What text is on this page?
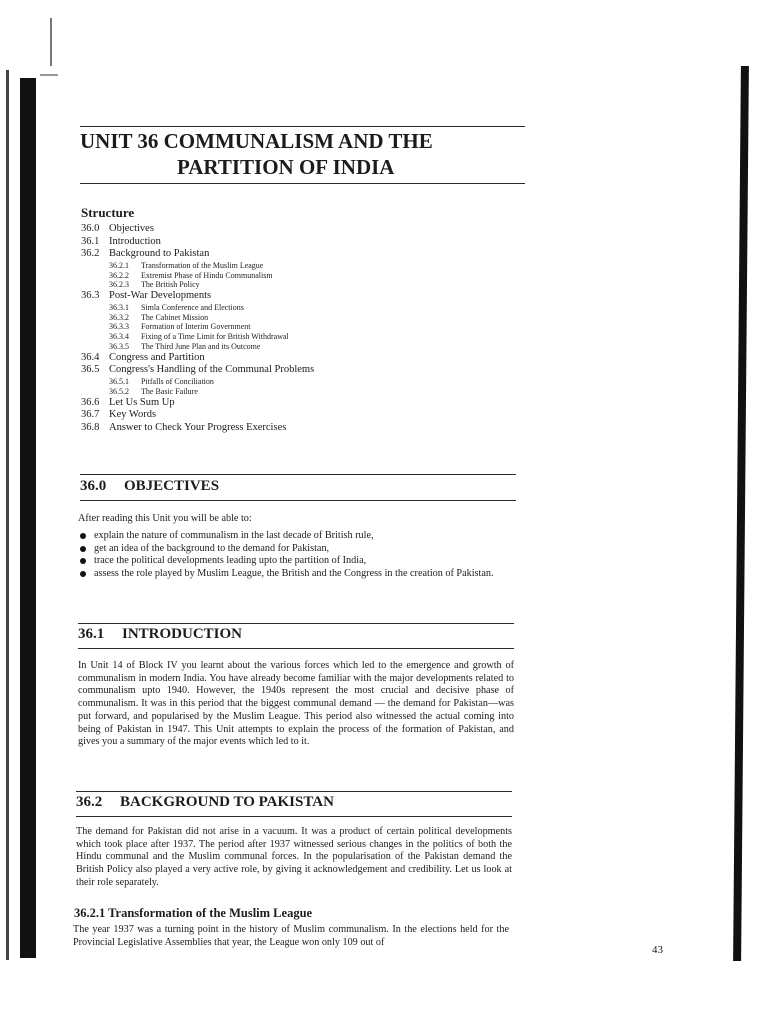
UNIT 36 COMMUNALISM AND THE
PARTITION OF INDIA
Structure
36.0 Objectives
36.1 Introduction
36.2 Background to Pakistan
36.2.1 Transformation of the Muslim League
36.2.2 Extremist Phase of Hindu Communalism
36.2.3 The British Policy
36.3 Post-War Developments
36.3.1 Simla Conference and Elections
36.3.2 The Cabinet Mission
36.3.3 Formation of Interim Government
36.3.4 Fixing of a Time Limit for British Withdrawal
36.3.5 The Third June Plan and its Outcome
36.4 Congress and Partition
36.5 Congress's Handling of the Communal Problems
36.5.1 Pitfalls of Conciliation
36.5.2 The Basic Failure
36.6 Let Us Sum Up
36.7 Key Words
36.8 Answer to Check Your Progress Exercises
36.0 OBJECTIVES

After reading this Unit you will be able to:

explain the nature of communalism in the last decade of British rule,
get an idea of the background to the demand for Pakistan,
trace the political developments leading upto the partition of India,
assess the role played by Muslim League, the British and the Congress in the creation of Pakistan.
36.1 INTRODUCTION

In Unit 14 of Block IV you learnt about the various forces which led to the emergence and growth of communalism in modern India. You have already become familiar with the major developments related to communalism upto 1940. However, the 1940s represent the most crucial and decisive phase of communalism. It was in this period that the biggest communal demand — the demand for Pakistan—was put forward, and popularised by the Muslim League. This period also witnessed the actual coming into being of Pakistan in 1947. This Unit attempts to explain the process of the formation of Pakistan, and gives you a summary of the major events which led to it.

36.2 BACKGROUND TO PAKISTAN

The demand for Pakistan did not arise in a vacuum. It was a product of certain political developments which took place after 1937. The period after 1937 witnessed serious changes in the politics of both the Hindu communal and the Muslim communal forces. In the popularisation of the Pakistan demand the British Policy also played a very active role, by giving it acknowledgement and credibility. Let us look at their role separately.

36.2.1 Transformation of the Muslim League

The year 1937 was a turning point in the history of Muslim communalism. In the elections held for the Provincial Legislative Assemblies that year, the League won only 109 out of

43
